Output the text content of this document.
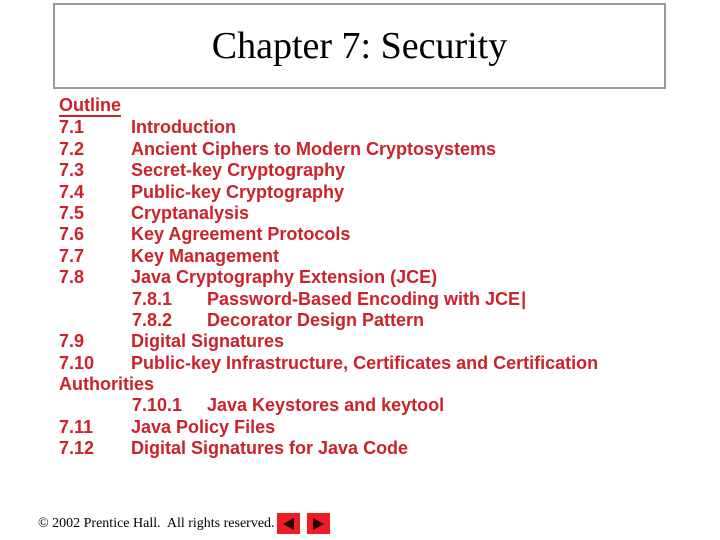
Chapter 7: Security
Outline
7.1	Introduction
7.2	Ancient Ciphers to Modern Cryptosystems
7.3	Secret-key Cryptography
7.4	Public-key Cryptography
7.5	Cryptanalysis
7.6	Key Agreement Protocols
7.7	Key Management
7.8	Java Cryptography Extension (JCE)
7.8.1	Password-Based Encoding with JCE |
7.8.2	Decorator Design Pattern
7.9	Digital Signatures
7.10	Public-key Infrastructure, Certificates and Certification
Authorities
7.10.1	Java Keystores and keytool
7.11	Java Policy Files
7.12	Digital Signatures for Java Code
© 2002 Prentice Hall.  All rights reserved.
